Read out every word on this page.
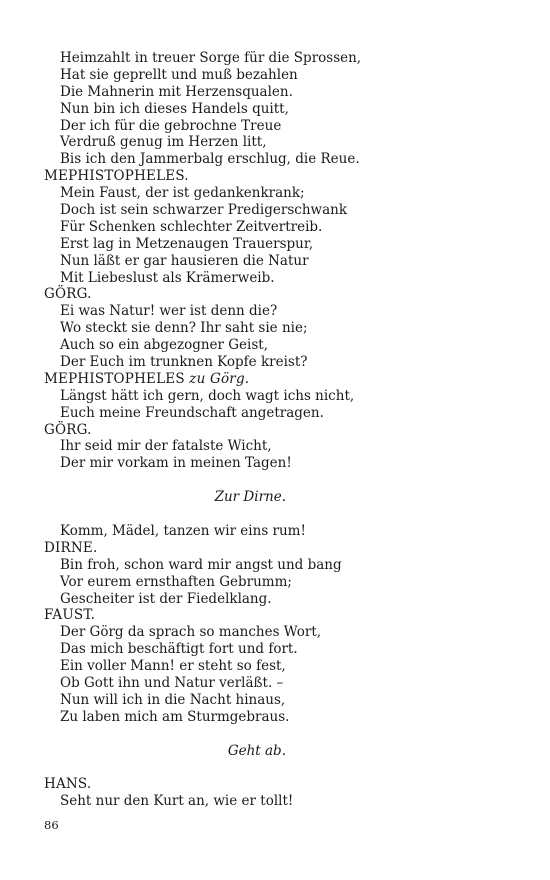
Heimzahlt in treuer Sorge für die Sprossen,
Hat sie geprellt und muß bezahlen
Die Mahnerin mit Herzensqualen.
Nun bin ich dieses Handels quitt,
Der ich für die gebrochne Treue
Verdruß genug im Herzen litt,
Bis ich den Jammerbalg erschlug, die Reue.
MEPHISTOPHELES.
Mein Faust, der ist gedankenkrank;
Doch ist sein schwarzer Predigerschwank
Für Schenken schlechter Zeitvertreib.
Erst lag in Metzenaugen Trauerspur,
Nun läßt er gar hausieren die Natur
Mit Liebeslust als Krämerweib.
GÖRG.
Ei was Natur! wer ist denn die?
Wo steckt sie denn? Ihr saht sie nie;
Auch so ein abgezogner Geist,
Der Euch im trunknen Kopfe kreist?
MEPHISTOPHELES zu Görg.
Längst hätt ich gern, doch wagt ichs nicht,
Euch meine Freundschaft angetragen.
GÖRG.
Ihr seid mir der fatalste Wicht,
Der mir vorkam in meinen Tagen!
Zur Dirne.
Komm, Mädel, tanzen wir eins rum!
DIRNE.
Bin froh, schon ward mir angst und bang
Vor eurem ernsthaften Gebrumm;
Gescheiter ist der Fiedelklang.
FAUST.
Der Görg da sprach so manches Wort,
Das mich beschäftigt fort und fort.
Ein voller Mann! er steht so fest,
Ob Gott ihn und Natur verläßt. –
Nun will ich in die Nacht hinaus,
Zu laben mich am Sturmgebraus.
Geht ab.
HANS.
Seht nur den Kurt an, wie er tollt!
86
